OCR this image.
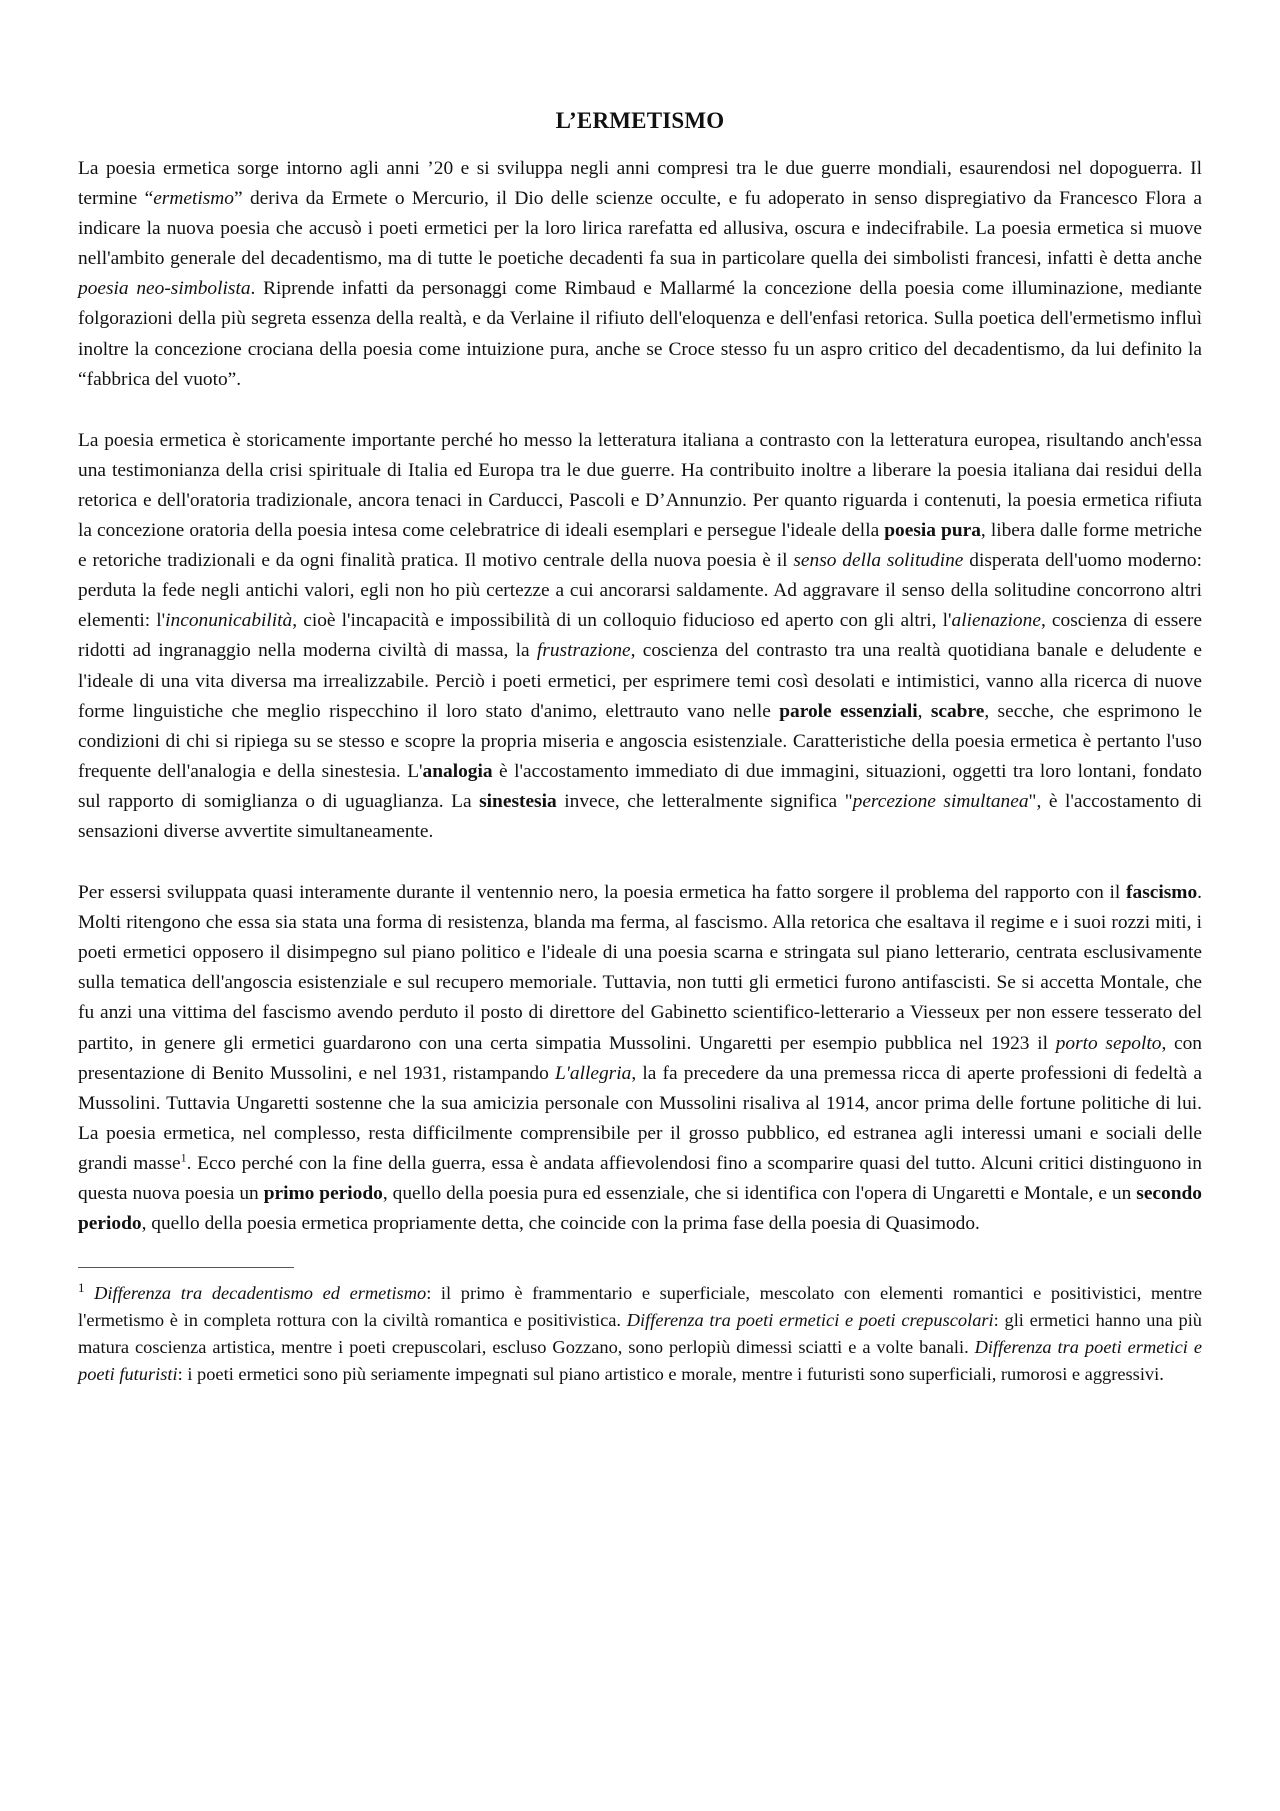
L’ERMETISMO

La poesia ermetica sorge intorno agli anni ’20 e si sviluppa negli anni compresi tra le due guerre mondiali, esaurendosi nel dopoguerra. Il termine “ermetismo” deriva da Ermete o Mercurio, il Dio delle scienze occulte, e fu adoperato in senso dispregiativo da Francesco Flora a indicare la nuova poesia che accusò i poeti ermetici per la loro lirica rarefatta ed allusiva, oscura e indecifrabile. La poesia ermetica si muove nell'ambito generale del decadentismo, ma di tutte le poetiche decadenti fa sua in particolare quella dei simbolisti francesi, infatti è detta anche poesia neo-simbolista. Riprende infatti da personaggi come Rimbaud e Mallarmé la concezione della poesia come illuminazione, mediante folgorazioni della più segreta essenza della realtà, e da Verlaine il rifiuto dell'eloquenza e dell'enfasi retorica. Sulla poetica dell'ermetismo influì inoltre la concezione crociana della poesia come intuizione pura, anche se Croce stesso fu un aspro critico del decadentismo, da lui definito la “fabbrica del vuoto”.

La poesia ermetica è storicamente importante perché ho messo la letteratura italiana a contrasto con la letteratura europea, risultando anch'essa una testimonianza della crisi spirituale di Italia ed Europa tra le due guerre. Ha contribuito inoltre a liberare la poesia italiana dai residui della retorica e dell'oratoria tradizionale, ancora tenaci in Carducci, Pascoli e D’Annunzio. Per quanto riguarda i contenuti, la poesia ermetica rifiuta la concezione oratoria della poesia intesa come celebratrice di ideali esemplari e persegue l'ideale della poesia pura, libera dalle forme metriche e retoriche tradizionali e da ogni finalità pratica. Il motivo centrale della nuova poesia è il senso della solitudine disperata dell'uomo moderno: perduta la fede negli antichi valori, egli non ho più certezze a cui ancorarsi saldamente. Ad aggravare il senso della solitudine concorrono altri elementi: l'inconunicabilità, cioè l'incapacità e impossibilità di un colloquio fiducioso ed aperto con gli altri, l'alienazione, coscienza di essere ridotti ad ingranaggio nella moderna civiltà di massa, la frustrazione, coscienza del contrasto tra una realtà quotidiana banale e deludente e l'ideale di una vita diversa ma irrealizzabile. Perciò i poeti ermetici, per esprimere temi così desolati e intimistici, vanno alla ricerca di nuove forme linguistiche che meglio rispecchino il loro stato d'animo, elettrauto vano nelle parole essenziali, scabre, secche, che esprimono le condizioni di chi si ripiega su se stesso e scopre la propria miseria e angoscia esistenziale. Caratteristiche della poesia ermetica è pertanto l'uso frequente dell'analogia e della sinestesia. L'analogia è l'accostamento immediato di due immagini, situazioni, oggetti tra loro lontani, fondato sul rapporto di somiglianza o di uguaglianza. La sinestesia invece, che letteralmente significa "percezione simultanea", è l'accostamento di sensazioni diverse avvertite simultaneamente.

Per essersi sviluppata quasi interamente durante il ventennio nero, la poesia ermetica ha fatto sorgere il problema del rapporto con il fascismo. Molti ritengono che essa sia stata una forma di resistenza, blanda ma ferma, al fascismo. Alla retorica che esaltava il regime e i suoi rozzi miti, i poeti ermetici opposero il disimpegno sul piano politico e l'ideale di una poesia scarna e stringata sul piano letterario, centrata esclusivamente sulla tematica dell'angoscia esistenziale e sul recupero memoriale. Tuttavia, non tutti gli ermetici furono antifascisti. Se si accetta Montale, che fu anzi una vittima del fascismo avendo perduto il posto di direttore del Gabinetto scientifico-letterario a Viesseux per non essere tesserato del partito, in genere gli ermetici guardarono con una certa simpatia Mussolini. Ungaretti per esempio pubblica nel 1923 il porto sepolto, con presentazione di Benito Mussolini, e nel 1931, ristampando L'allegria, la fa precedere da una premessa ricca di aperte professioni di fedeltà a Mussolini. Tuttavia Ungaretti sostenne che la sua amicizia personale con Mussolini risaliva al 1914, ancor prima delle fortune politiche di lui. La poesia ermetica, nel complesso, resta difficilmente comprensibile per il grosso pubblico, ed estranea agli interessi umani e sociali delle grandi masse$^1$. Ecco perché con la fine della guerra, essa è andata affievolendosi fino a scomparire quasi del tutto. Alcuni critici distinguono in questa nuova poesia un primo periodo, quello della poesia pura ed essenziale, che si identifica con l'opera di Ungaretti e Montale, e un secondo periodo, quello della poesia ermetica propriamente detta, che coincide con la prima fase della poesia di Quasimodo.

$^1$ Differenza tra decadentismo ed ermetismo: il primo è frammentario e superficiale, mescolato con elementi romantici e positivistici, mentre l'ermetismo è in completa rottura con la civiltà romantica e positivistica. Differenza tra poeti ermetici e poeti crepuscolari: gli ermetici hanno una più matura coscienza artistica, mentre i poeti crepuscolari, escluso Gozzano, sono perlopiù dimessi sciatti e a volte banali. Differenza tra poeti ermetici e poeti futuristi: i poeti ermetici sono più seriamente impegnati sul piano artistico e morale, mentre i futuristi sono superficiali, rumorosi e aggressivi.
